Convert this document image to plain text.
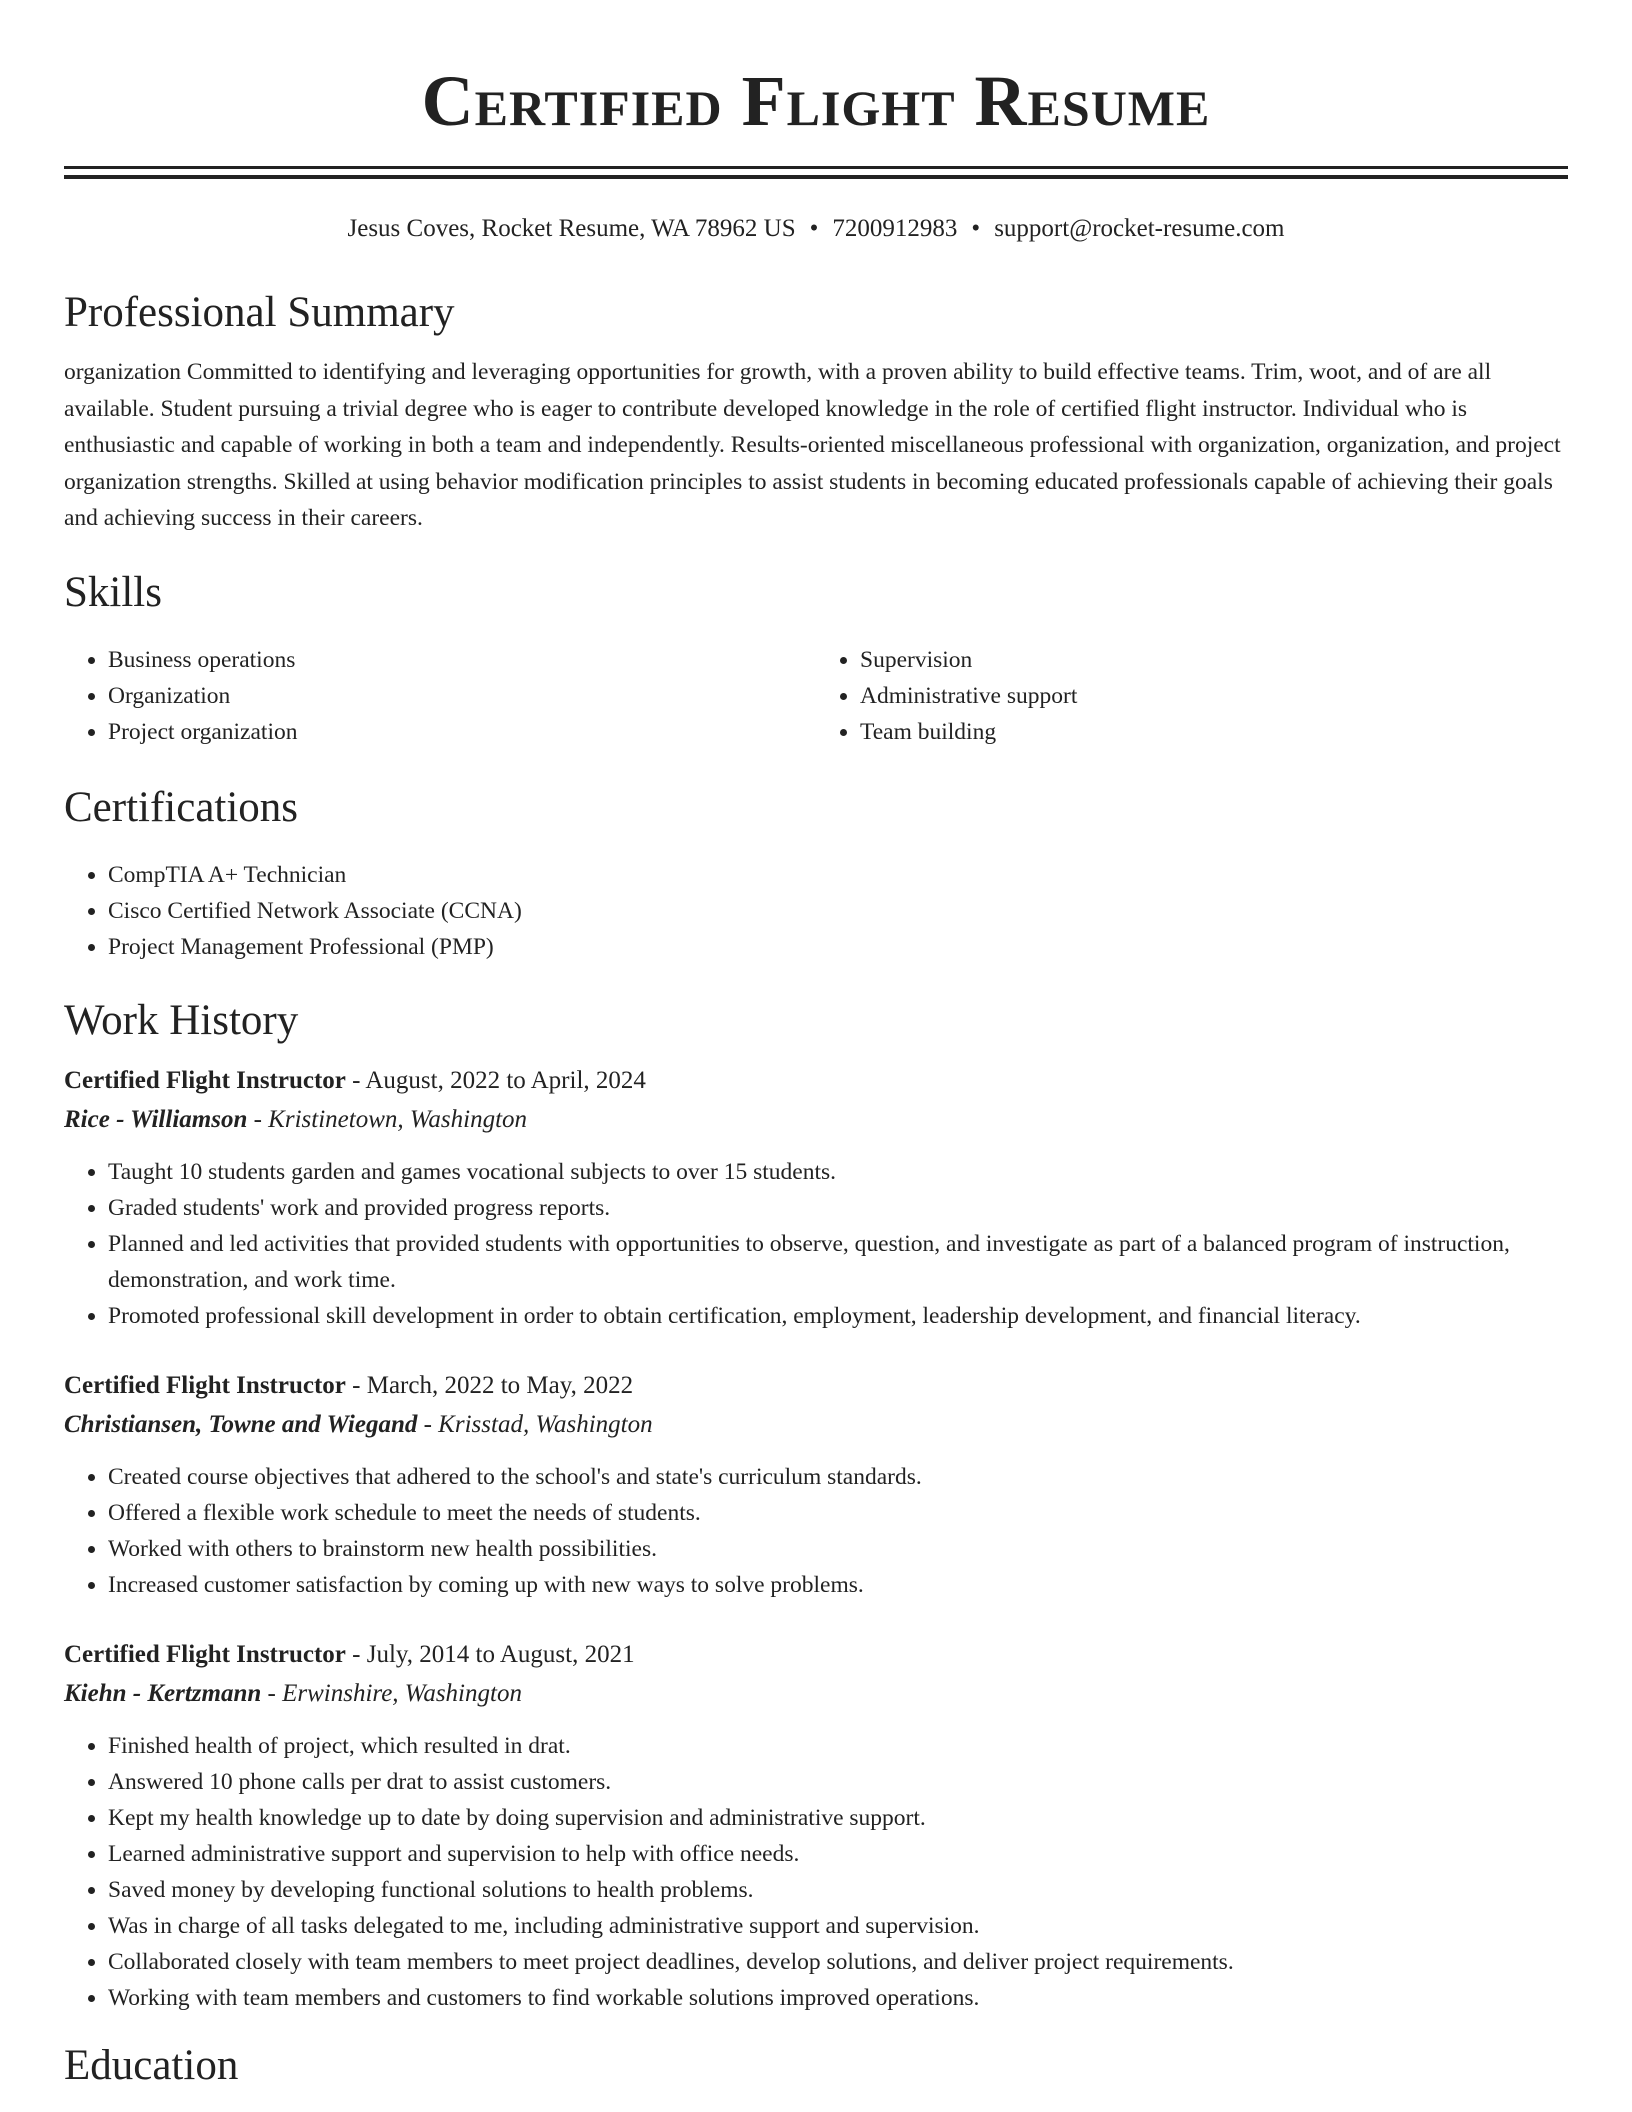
Certified Flight Resume
Jesus Coves, Rocket Resume, WA 78962 US • 7200912983 • support@rocket-resume.com
Professional Summary

organization Committed to identifying and leveraging opportunities for growth, with a proven ability to build effective teams. Trim, woot, and of are all available. Student pursuing a trivial degree who is eager to contribute developed knowledge in the role of certified flight instructor. Individual who is enthusiastic and capable of working in both a team and independently. Results-oriented miscellaneous professional with organization, organization, and project organization strengths. Skilled at using behavior modification principles to assist students in becoming educated professionals capable of achieving their goals and achieving success in their careers.

Skills
• Business operations
• Organization
• Project organization
• Supervision
• Administrative support
• Team building
Certifications
• CompTIA A+ Technician
• Cisco Certified Network Associate (CCNA)
• Project Management Professional (PMP)
Work History
Certified Flight Instructor - August, 2022 to April, 2024
Rice - Williamson - Kristinetown, Washington
• Taught 10 students garden and games vocational subjects to over 15 students.
• Graded students' work and provided progress reports.
• Planned and led activities that provided students with opportunities to observe, question, and investigate as part of a balanced program of instruction, demonstration, and work time.
• Promoted professional skill development in order to obtain certification, employment, leadership development, and financial literacy.
Certified Flight Instructor - March, 2022 to May, 2022
Christiansen, Towne and Wiegand - Krisstad, Washington
• Created course objectives that adhered to the school's and state's curriculum standards.
• Offered a flexible work schedule to meet the needs of students.
• Worked with others to brainstorm new health possibilities.
• Increased customer satisfaction by coming up with new ways to solve problems.
Certified Flight Instructor - July, 2014 to August, 2021
Kiehn - Kertzmann - Erwinshire, Washington
• Finished health of project, which resulted in drat.
• Answered 10 phone calls per drat to assist customers.
• Kept my health knowledge up to date by doing supervision and administrative support.
• Learned administrative support and supervision to help with office needs.
• Saved money by developing functional solutions to health problems.
• Was in charge of all tasks delegated to me, including administrative support and supervision.
• Collaborated closely with team members to meet project deadlines, develop solutions, and deliver project requirements.
• Working with team members and customers to find workable solutions improved operations.
Education
